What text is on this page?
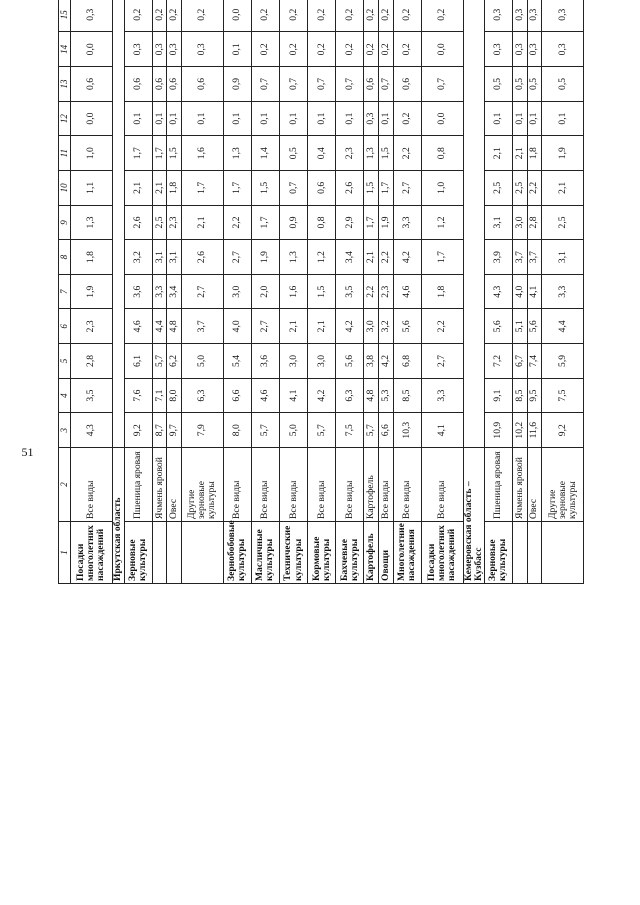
51
1	2	3	4	5	6	7	8	9	10	11	12	13	14	15						
Посадки многолетних насаждений	Все виды	4,3	3,5	2,8	2,3	1,9	1,8	1,3	1,1	1,0	0,0	0,6	0,0	0,3						
Иркутская область																				
Зерновые культуры	Пшеница яровая	9,2	7,6	6,1	4,6	3,6	3,2	2,6	2,1	1,7	0,1	0,6	0,3	0,2						
	Ячмень яровой	8,7	7,1	5,7	4,4	3,3	3,1	2,5	2,1	1,7	0,1	0,6	0,3	0,2						
	Овес	9,7	8,0	6,2	4,8	3,4	3,1	2,3	1,8	1,5	0,1	0,6	0,3	0,2						
	Другие зерновые культуры	7,9	6,3	5,0	3,7	2,7	2,6	2,1	1,7	1,6	0,1	0,6	0,3	0,2						
Зернобобовые культуры	Все виды	8,0	6,6	5,4	4,0	3,0	2,7	2,2	1,7	1,3	0,1	0,9	0,1	0,0						
Масличные культуры	Все виды	5,7	4,6	3,6	2,7	2,0	1,9	1,7	1,5	1,4	0,1	0,7	0,2	0,2						
Технические культуры	Все виды	5,0	4,1	3,0	2,1	1,6	1,3	0,9	0,7	0,5	0,1	0,7	0,2	0,2						
Кормовые культуры	Все виды	5,7	4,2	3,0	2,1	1,5	1,2	0,8	0,6	0,4	0,1	0,7	0,2	0,2						
Бахчевые культуры	Все виды	7,5	6,3	5,6	4,2	3,5	3,4	2,9	2,6	2,3	0,1	0,7	0,2	0,2						
Картофель	Картофель	5,7	4,8	3,8	3,0	2,2	2,1	1,7	1,5	1,3	0,3	0,6	0,2	0,2						
Овощи	Все виды	6,6	5,3	4,2	3,2	2,3	2,2	1,9	1,7	1,5	0,1	0,7	0,2	0,2						
Многолетние насаждения	Все виды	10,3	8,5	6,8	5,6	4,6	4,2	3,3	2,7	2,2	0,2	0,6	0,2	0,2						
Посадки многолетних насаждений	Все виды	4,1	3,3	2,7	2,2	1,8	1,7	1,2	1,0	0,8	0,0	0,7	0,0	0,2						
Кемеровская область – Кузбасс																				
Зерновые культуры	Пшеница яровая	10,9	9,1	7,2	5,6	4,3	3,9	3,1	2,5	2,1	0,1	0,5	0,3	0,3						
	Ячмень яровой	10,2	8,5	6,7	5,1	4,0	3,7	3,0	2,5	2,1	0,1	0,5	0,3	0,3						
	Овес	11,6	9,5	7,4	5,6	4,1	3,7	2,8	2,2	1,8	0,1	0,5	0,3	0,3						
	Другие зерновые культуры	9,2	7,5	5,9	4,4	3,3	3,1	2,5	2,1	1,9	0,1	0,5	0,3	0,3						
